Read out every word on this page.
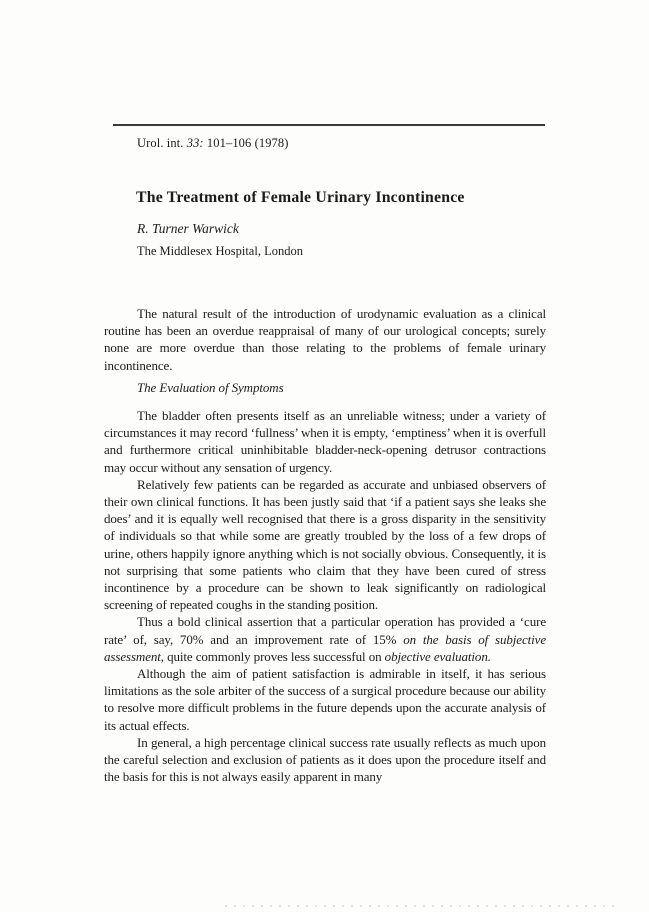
Urol. int. 33: 101–106 (1978)

The Treatment of Female Urinary Incontinence

R. Turner Warwick

The Middlesex Hospital, London

The natural result of the introduction of urodynamic evaluation as a clinical routine has been an overdue reappraisal of many of our urological concepts; surely none are more overdue than those relating to the problems of female urinary incontinence.

The Evaluation of Symptoms

The bladder often presents itself as an unreliable witness; under a variety of circumstances it may record ‘fullness’ when it is empty, ‘emptiness’ when it is overfull and furthermore critical uninhibitable bladder-neck-opening detrusor contractions may occur without any sensation of urgency.

Relatively few patients can be regarded as accurate and unbiased observers of their own clinical functions. It has been justly said that ‘if a patient says she leaks she does’ and it is equally well recognised that there is a gross disparity in the sensitivity of individuals so that while some are greatly troubled by the loss of a few drops of urine, others happily ignore anything which is not socially obvious. Consequently, it is not surprising that some patients who claim that they have been cured of stress incontinence by a procedure can be shown to leak significantly on radiological screening of repeated coughs in the standing position.

Thus a bold clinical assertion that a particular operation has provided a ‘cure rate’ of, say, 70% and an improvement rate of 15% on the basis of subjective assessment, quite commonly proves less successful on objective evaluation.

Although the aim of patient satisfaction is admirable in itself, it has serious limitations as the sole arbiter of the success of a surgical procedure because our ability to resolve more difficult problems in the future depends upon the accurate analysis of its actual effects.

In general, a high percentage clinical success rate usually reflects as much upon the careful selection and exclusion of patients as it does upon the procedure itself and the basis for this is not always easily apparent in many
